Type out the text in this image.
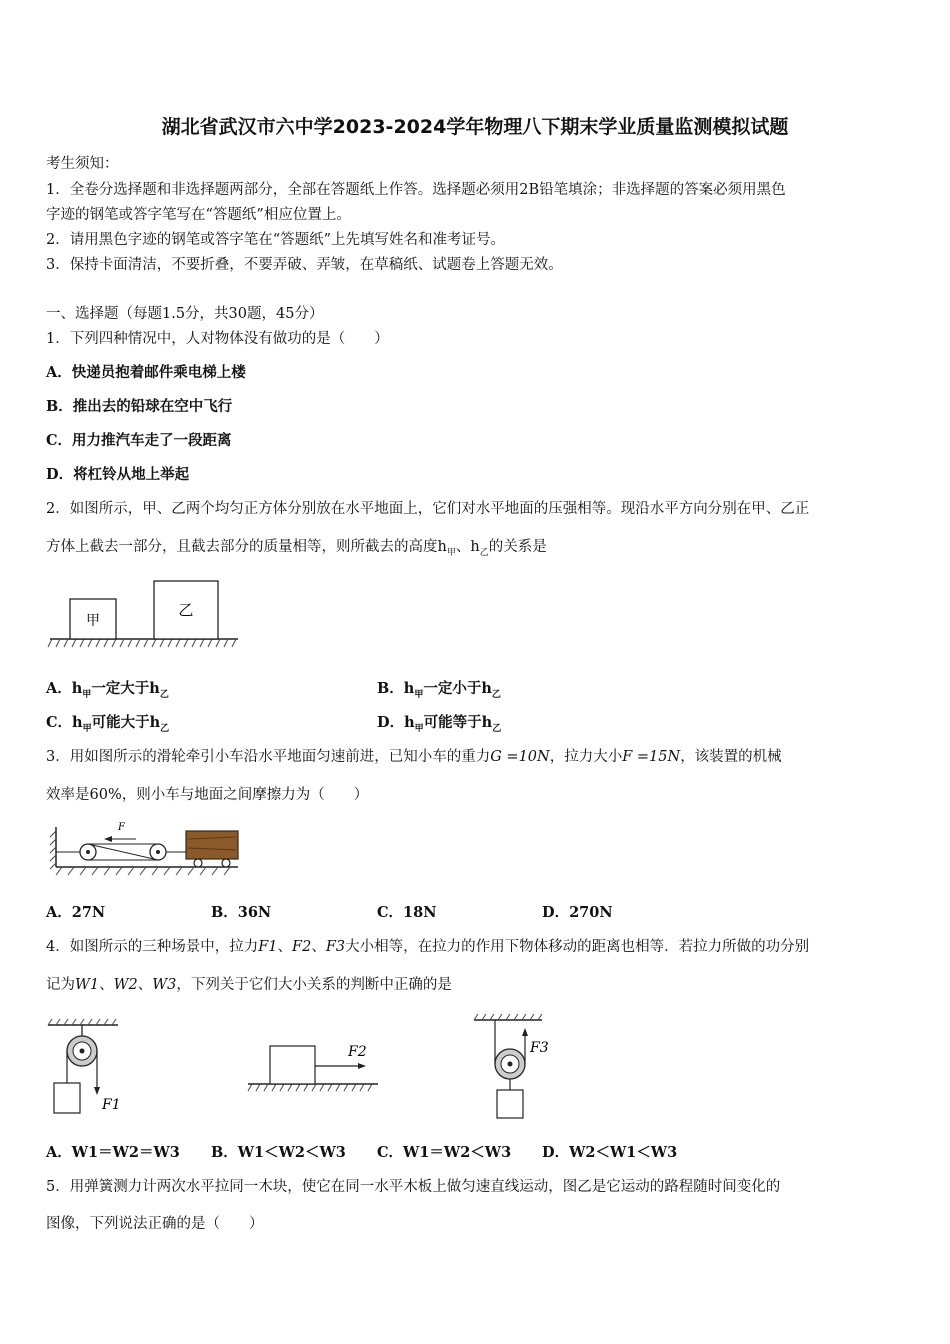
湖北省武汉市六中学2023-2024学年物理八下期末学业质量监测模拟试题
考生须知：
1．全卷分选择题和非选择题两部分，全部在答题纸上作答。选择题必须用2B铅笔填涂；非选择题的答案必须用黑色
字迹的钢笔或答字笔写在“答题纸”相应位置上。
2．请用黑色字迹的钢笔或答字笔在“答题纸”上先填写姓名和准考证号。
3．保持卡面清洁，不要折叠，不要弄破、弄皱，在草稿纸、试题卷上答题无效。
一、选择题（每题1.5分，共30题，45分）
1．下列四种情况中，人对物体没有做功的是（　　）
A．快递员抱着邮件乘电梯上楼
B．推出去的铅球在空中飞行
C．用力推汽车走了一段距离
D．将杠铃从地上举起
2．如图所示，甲、乙两个均匀正方体分别放在水平地面上，它们对水平地面的压强相等。现沿水平方向分别在甲、乙正
方体上截去一部分，且截去部分的质量相等，则所截去的高度$h_甲$、$h_乙$的关系是
甲
乙
A．$h_甲$一定大于$h_乙$	B．$h_甲$一定小于$h_乙$
C．$h_甲$可能大于$h_乙$	D．$h_甲$可能等于$h_乙$
3．用如图所示的滑轮牵引小车沿水平地面匀速前进，已知小车的重力G =10N，拉力大小F =15N，该装置的机械
效率是60%，则小车与地面之间摩擦力为（　　）
F
A．27N	B．36N	C．18N	D．270N
4．如图所示的三种场景中，拉力F1、F2、F3大小相等，在拉力的作用下物体移动的距离也相等．若拉力所做的功分别
记为W1、W2、W3，下列关于它们大小关系的判断中正确的是
F1
F2	F3
A．W1＝W2＝W3 B．W1＜W2＜W3 C．W1＝W2＜W3 D．W2＜W1＜W3
5．用弹簧测力计两次水平拉同一木块，使它在同一水平木板上做匀速直线运动，图乙是它运动的路程随时间变化的
图像，下列说法正确的是（　　）
